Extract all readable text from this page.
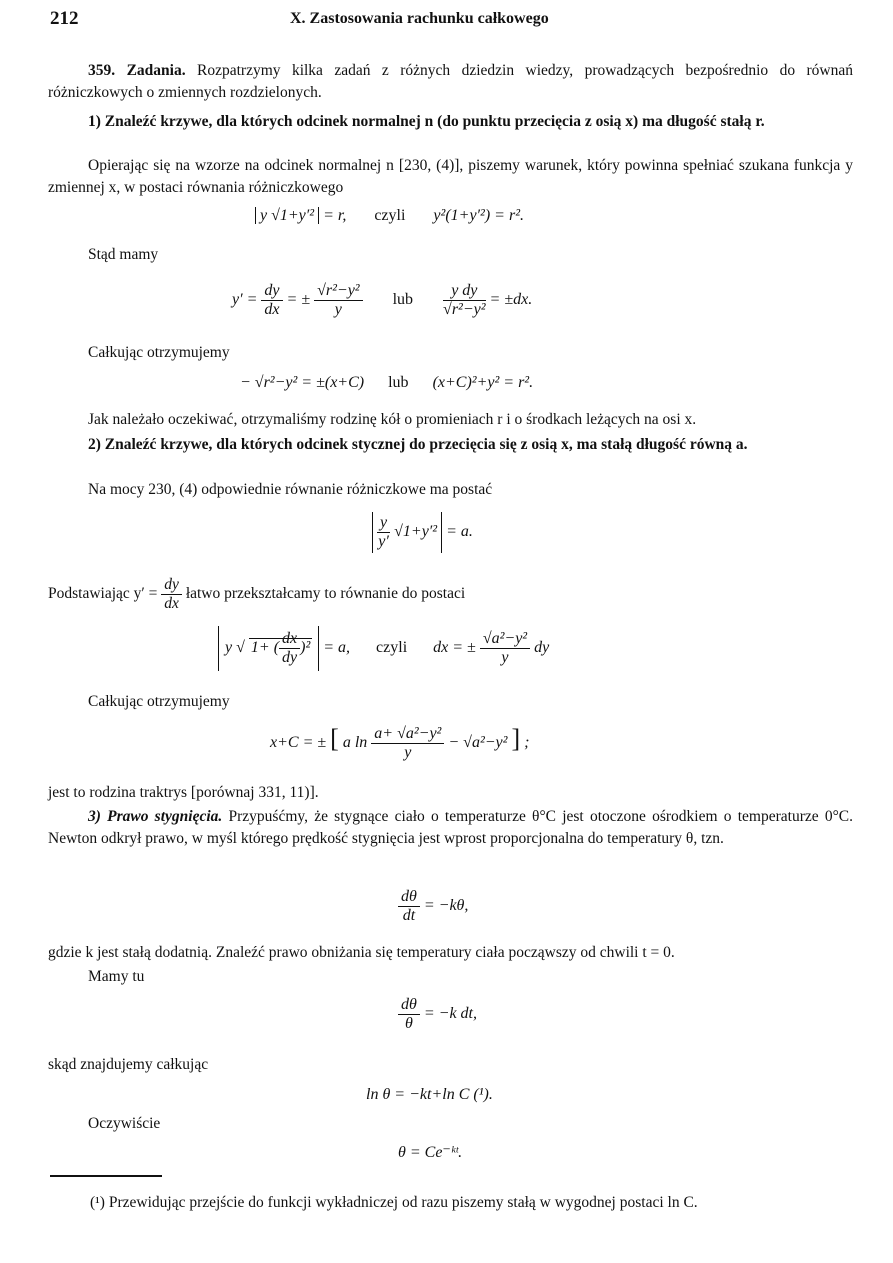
212	X. Zastosowania rachunku całkowego
359. Zadania. Rozpatrzymy kilka zadań z różnych dziedzin wiedzy, prowadzących bezpośrednio do równań różniczkowych o zmiennych rozdzielonych.
1) Znaleźć krzywe, dla których odcinek normalnej n (do punktu przecięcia z osią x) ma długość stałą r.
Opierając się na wzorze na odcinek normalnej n [230, (4)], piszemy warunek, który powinna spełniać szukana funkcja y zmiennej x, w postaci równania różniczkowego
y √1+y′² = r, czyli y²(1+y′²) = r².
Stąd mamy
$y' = \frac{dy}{dx}$ = ± $\frac{\text{√r²−y²}}{y}$ lub $\frac{\text{y dy}}{\text{√r²−y²}} = \pm dx$.
Całkując otrzymujemy
− √r²−y² = ±(x+C) lub (x+C)²+y² = r².
Jak należało oczekiwać, otrzymaliśmy rodzinę kół o promieniach r i o środkach leżących na osi x.
2) Znaleźć krzywe, dla których odcinek stycznej do przecięcia się z osią x, ma stałą długość równą a.
Na mocy 230, (4) odpowiednie równanie różniczkowe ma postać
$\frac{y}{y'} √1+y'^2 = a$.
Podstawiając $y' = \frac{dy}{dx}$ łatwo przekształcamy to równanie do postaci
y √ 1+ ( $\frac{dx}{dy} )^2 = a$, czyli dx = ± $\frac{\text{√a²−y²}}{y}$ dy
Całkując otrzymujemy
x+C = ± [ a $\ln \frac{\text{a+ √a²−y²}}{y} - √a^2-y^2$ ] ;
jest to rodzina traktrys [porównaj 331, 11)].
3) Prawo stygnięcia. Przypuśćmy, że stygnące ciało o temperaturze θ°C jest otoczone ośrodkiem o temperaturze 0°C. Newton odkrył prawo, w myśl którego prędkość stygnięcia jest wprost proporcjonalna do temperatury θ, tzn.
$\frac{d\theta}{dt} = -k\theta$,
gdzie k jest stałą dodatnią. Znaleźć prawo obniżania się temperatury ciała począwszy od chwili t = 0.
Mamy tu
$\frac{d\theta}{\theta} = -k$ dt,
skąd znajdujemy całkując
ln θ = −kt+ln C (¹).
Oczywiście
θ = Ce⁻ᵏᵗ.
(¹) Przewidując przejście do funkcji wykładniczej od razu piszemy stałą w wygodnej postaci ln C.
